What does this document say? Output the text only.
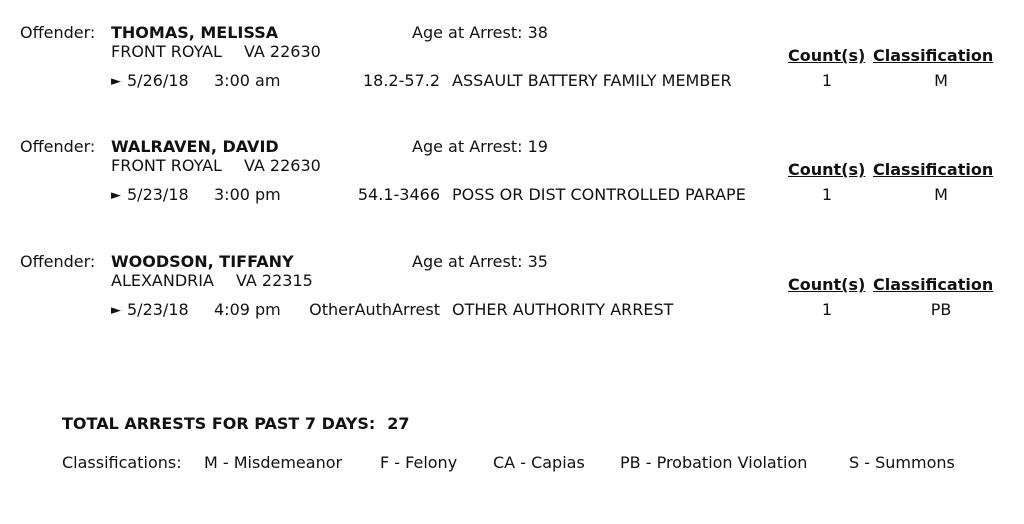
Offender: THOMAS, MELISSA
FRONT ROYAL VA 22630
Age at Arrest: 38
Count(s) Classification
► 5/26/18 3:00 am	18.2-57.2 ASSAULT BATTERY FAMILY MEMBER	1	M
Offender: WALRAVEN, DAVID
FRONT ROYAL VA 22630
Age at Arrest: 19
Count(s) Classification
► 5/23/18 3:00 pm	54.1-3466 POSS OR DIST CONTROLLED PARAPE	1	M
Offender: WOODSON, TIFFANY
ALEXANDRIA VA 22315
Age at Arrest: 35
Count(s) Classification
► 5/23/18 4:09 pm	OtherAuthArrest OTHER AUTHORITY ARREST	1	PB
TOTAL ARRESTS FOR PAST 7 DAYS: 27
Classifications: M - Misdemeanor F - Felony CA - Capias PB - Probation Violation	S - Summons
